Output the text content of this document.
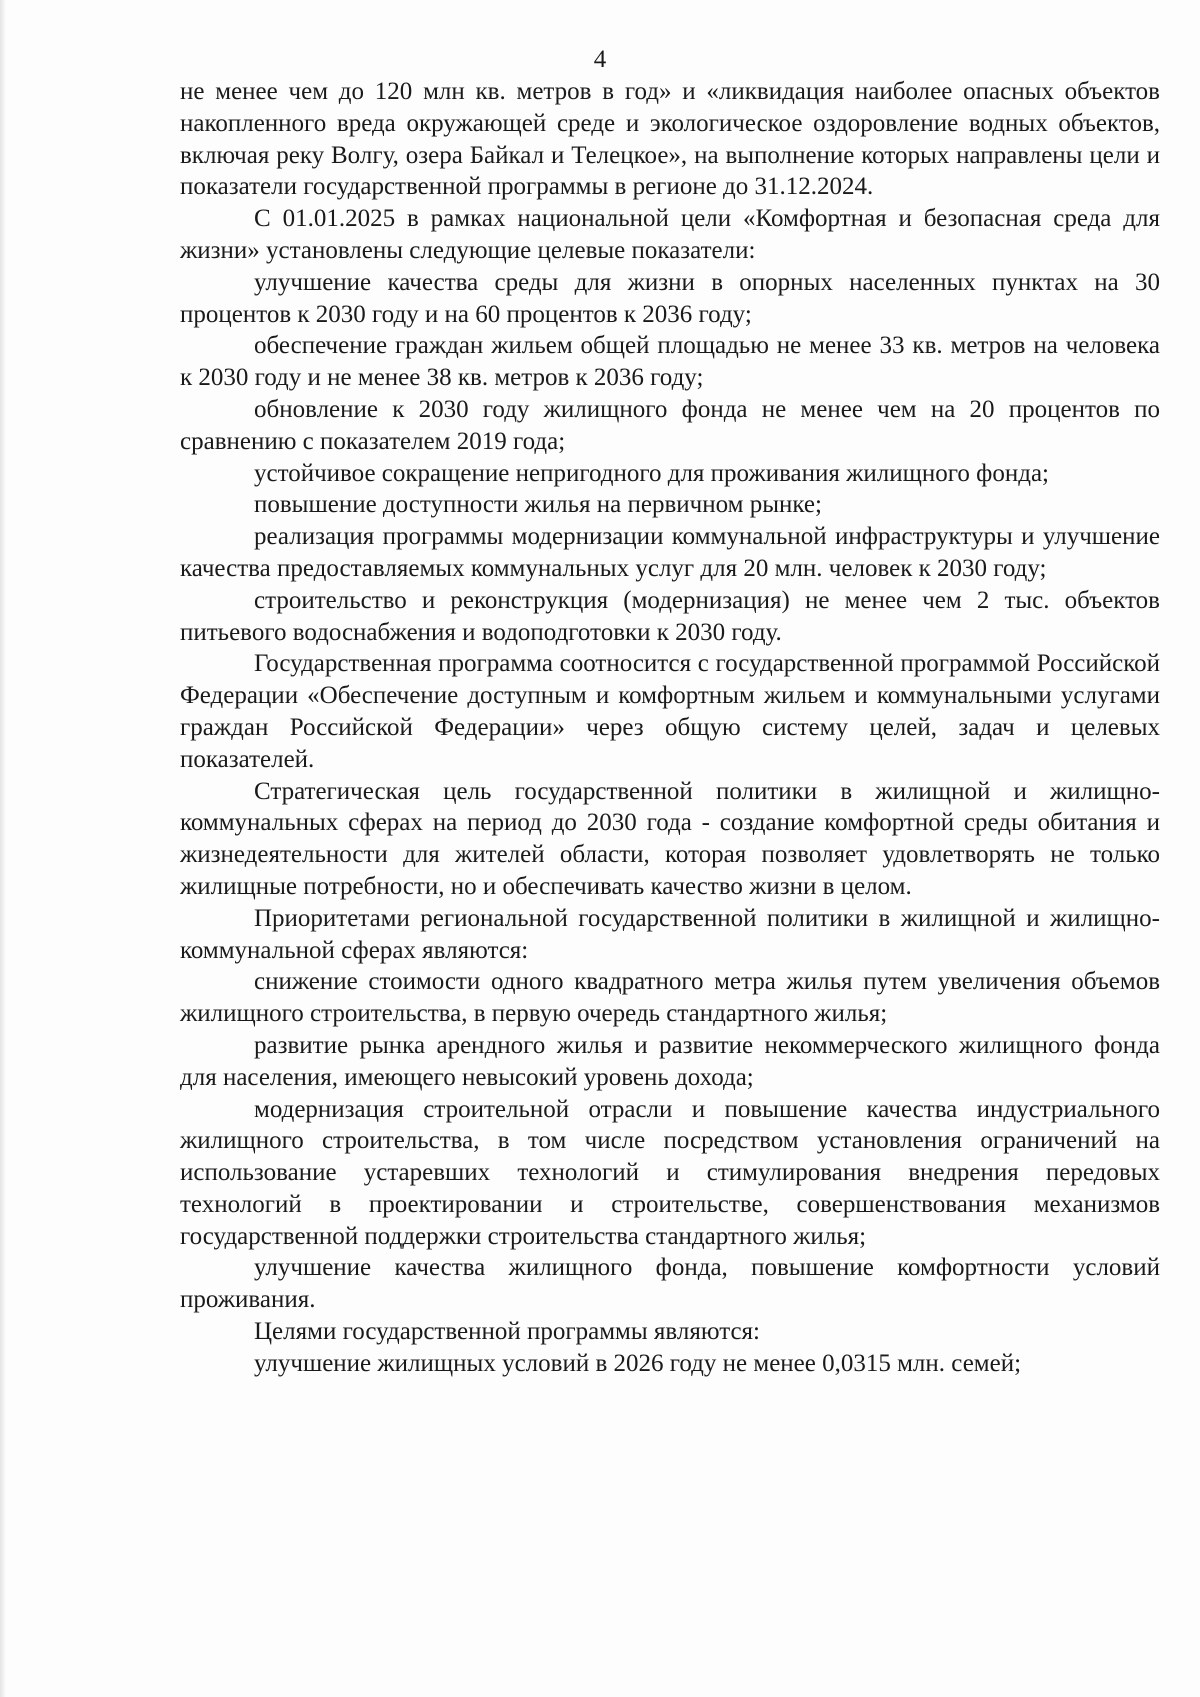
4

не менее чем до 120 млн кв. метров в год» и «ликвидация наиболее опасных объектов накопленного вреда окружающей среде и экологическое оздоровление водных объектов, включая реку Волгу, озера Байкал и Телецкое», на выполнение которых направлены цели и показатели государственной программы в регионе до 31.12.2024.

С 01.01.2025 в рамках национальной цели «Комфортная и безопасная среда для жизни» установлены следующие целевые показатели:

улучшение качества среды для жизни в опорных населенных пунктах на 30 процентов к 2030 году и на 60 процентов к 2036 году;

обеспечение граждан жильем общей площадью не менее 33 кв. метров на человека к 2030 году и не менее 38 кв. метров к 2036 году;

обновление к 2030 году жилищного фонда не менее чем на 20 процентов по сравнению с показателем 2019 года;

устойчивое сокращение непригодного для проживания жилищного фонда;

повышение доступности жилья на первичном рынке;

реализация программы модернизации коммунальной инфраструктуры и улучшение качества предоставляемых коммунальных услуг для 20 млн. человек к 2030 году;

строительство и реконструкция (модернизация) не менее чем 2 тыс. объектов питьевого водоснабжения и водоподготовки к 2030 году.

Государственная программа соотносится с государственной программой Российской Федерации «Обеспечение доступным и комфортным жильем и коммунальными услугами граждан Российской Федерации» через общую систему целей, задач и целевых показателей.

Стратегическая цель государственной политики в жилищной и жилищно-коммунальных сферах на период до 2030 года - создание комфортной среды обитания и жизнедеятельности для жителей области, которая позволяет удовлетворять не только жилищные потребности, но и обеспечивать качество жизни в целом.

Приоритетами региональной государственной политики в жилищной и жилищно-коммунальной сферах являются:

снижение стоимости одного квадратного метра жилья путем увеличения объемов жилищного строительства, в первую очередь стандартного жилья;

развитие рынка арендного жилья и развитие некоммерческого жилищного фонда для населения, имеющего невысокий уровень дохода;

модернизация строительной отрасли и повышение качества индустриального жилищного строительства, в том числе посредством установления ограничений на использование устаревших технологий и стимулирования внедрения передовых технологий в проектировании и строительстве, совершенствования механизмов государственной поддержки строительства стандартного жилья;

улучшение качества жилищного фонда, повышение комфортности условий проживания.

Целями государственной программы являются:

улучшение жилищных условий в 2026 году не менее 0,0315 млн. семей;
